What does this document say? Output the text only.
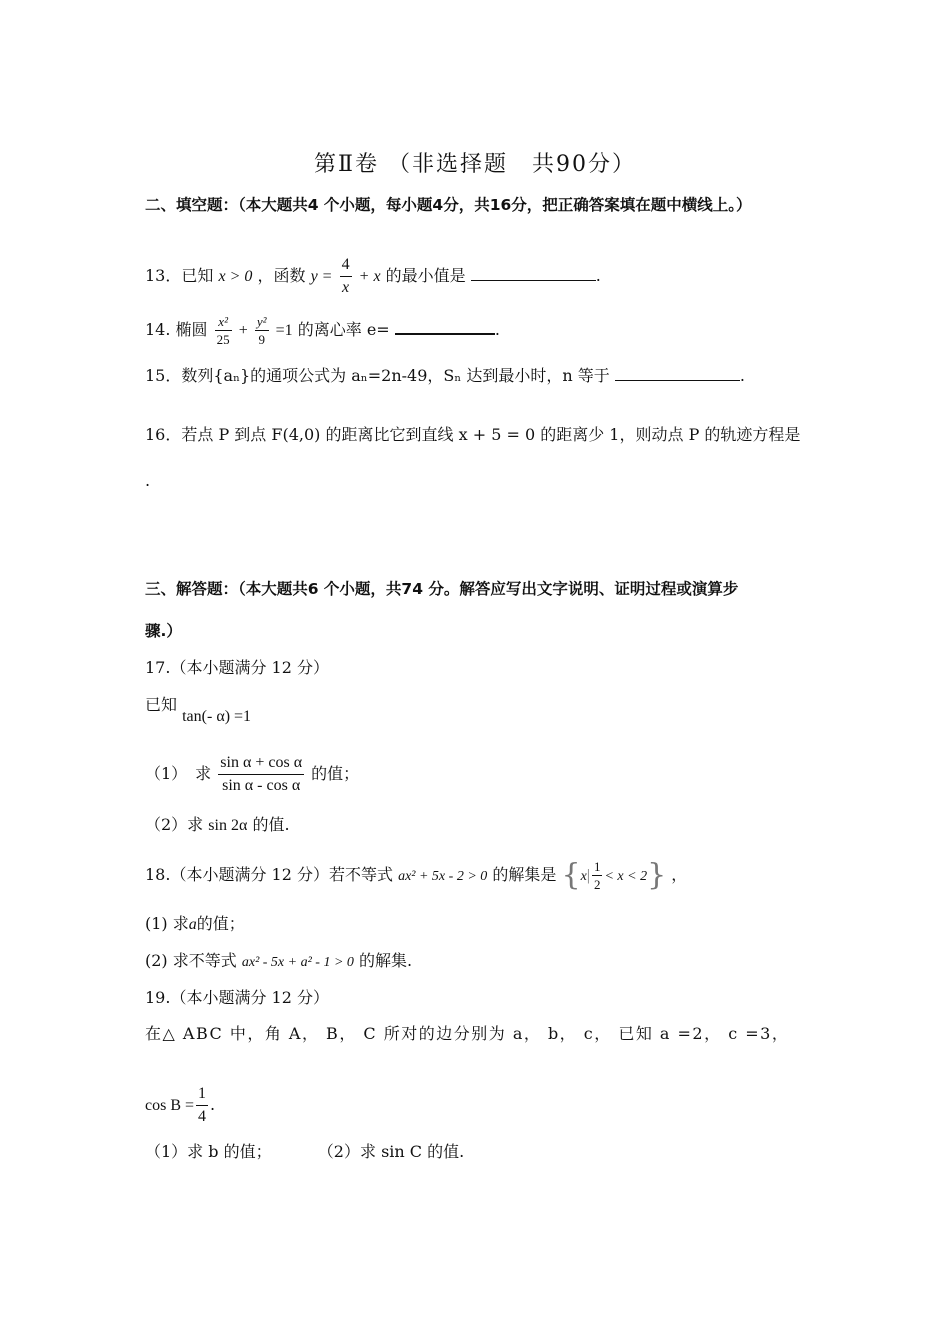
第Ⅱ卷 （非选择题　共90分）
二、填空题：（本大题共4 个小题，每小题4分，共16分，把正确答案填在题中横线上。）
13．已知 x > 0 ，函数 $y = \frac{4}{x} + x$ 的最小值是	.
14. 椭圆 $\frac{\text{x²}}{25} + \frac{\text{y²}}{9} =1$ 的离心率 e=	.
15．数列{aₙ}的通项公式为 aₙ=2n-49，Sₙ 达到最小时，n 等于	.
16．若点 P 到点 F(4,0) 的距离比它到直线 x + 5 = 0 的距离少 1，则动点 P 的轨迹方程是
.
三、解答题：（本大题共6 个小题，共74 分。解答应写出文字说明、证明过程或演算步
骤.）
17.（本小题满分 12 分）
已知 tan(- α) =1
（1）　求 $\frac{\text{sin α + cos α}}{\text{sin α - cos α}}$ 的值；
（2）求 sin 2α 的值.
18.（本小题满分 12 分）若不等式 ax² + 5x - 2 > 0 的解集是 $\{x| \frac{1}{2} < x < 2\}$ ，
(1) 求a的值；
(2) 求不等式 ax² - 5x + a² - 1 > 0 的解集.
19.（本小题满分 12 分）
在△ ABC 中，角 A， B， C 所对的边分别为 a， b， c， 已知 a =2， c =3，
$\cos B = \frac{1}{4}$ .
（1）求 b 的值；	（2）求 sin C 的值.
